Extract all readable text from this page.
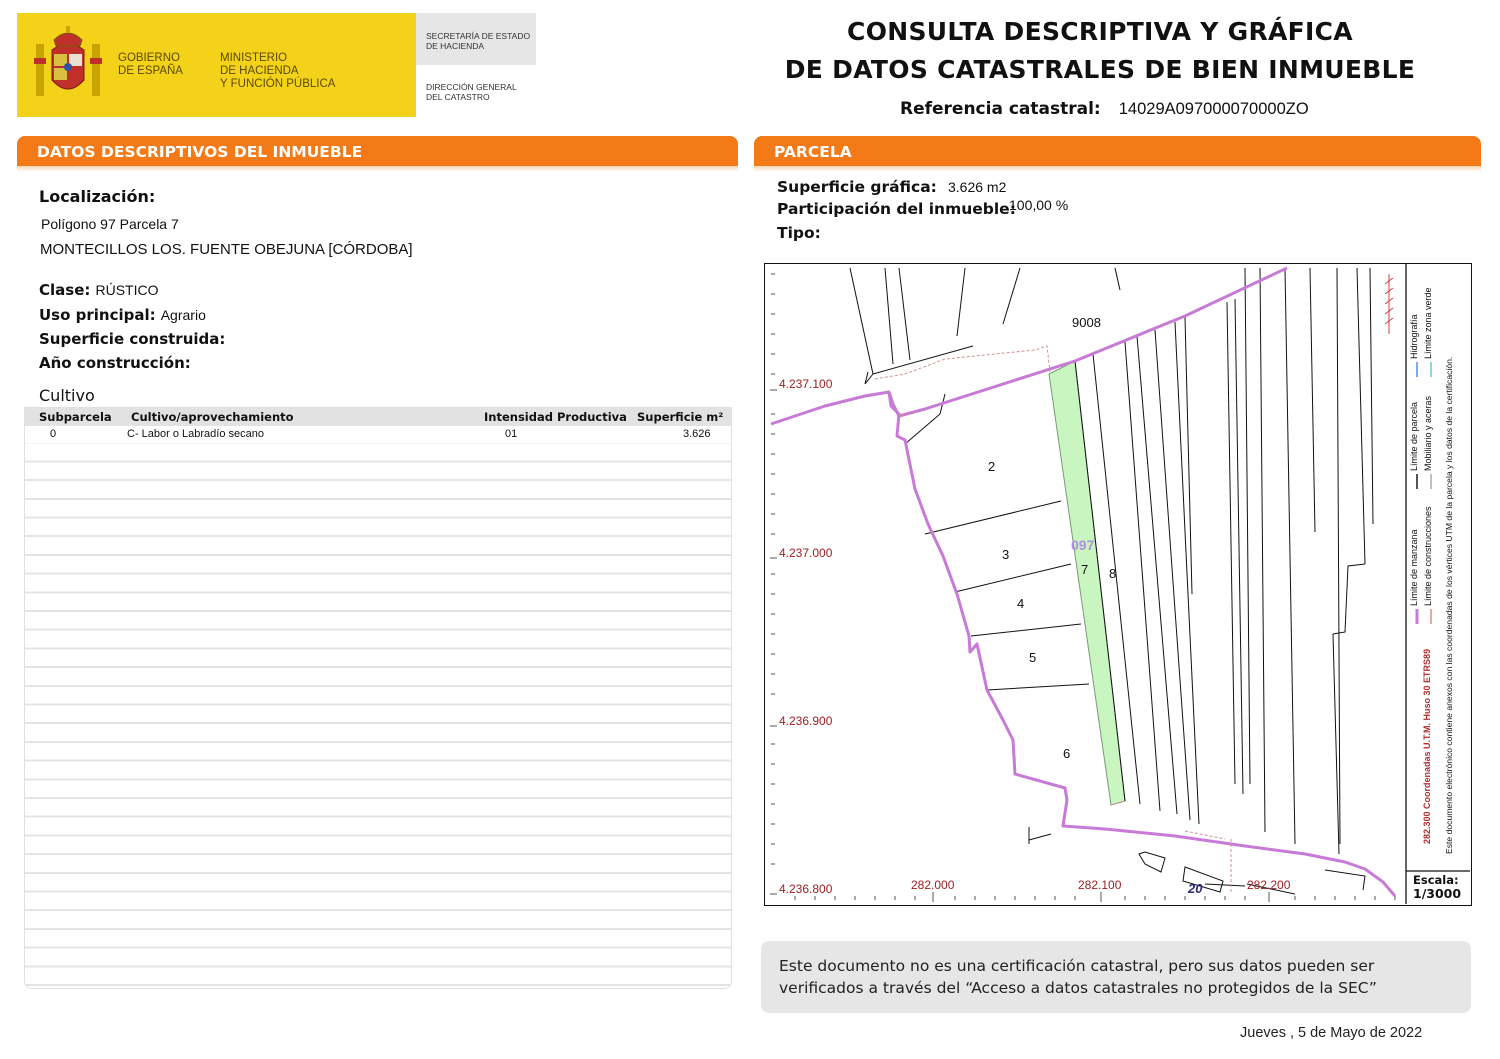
GOBIERNO
DE ESPAÑA
MINISTERIO
DE HACIENDA
Y FUNCIÓN PÚBLICA
SECRETARÍA DE ESTADO
DE HACIENDA
DIRECCIÓN GENERAL
DEL CATASTRO
CONSULTA DESCRIPTIVA Y GRÁFICA
DE DATOS CATASTRALES DE BIEN INMUEBLE
Referencia catastral: 14029A097000070000ZO
DATOS DESCRIPTIVOS DEL INMUEBLE
Localización:
Polígono 97 Parcela 7
MONTECILLOS LOS. FUENTE OBEJUNA [CÓRDOBA]
Clase: RÚSTICO
Uso principal: Agrario
Superficie construida:
Año construcción:
Cultivo
Subparcela Cultivo/aprovechamiento	Intensidad Productiva Superficie m²
0	C- Labor o Labradío secano	01	3.626
PARCELA
Superficie gráfica: 3.626 m2
Participación del inmueble:
100,00 %
Tipo:
9008
2
3
4
5
6
7 8
097
20
4.237.100
4.237.000
4.236.900
4.236.800	282.000	282.100	282.200
Límite de manzana
Límite de parcela
Hidrografía
Límite de construcciones
Mobiliario y aceras
Límite zona verde
282.300 Coordenadas U.T.M. Huso 30 ETRS89 Este documento electrónico contiene anexos con las coordenadas de los vértices UTM de la parcela y los datos de la certificación.
Escala:
1/3000
Este documento no es una certificación catastral, pero sus datos pueden ser verificados a través del “Acceso a datos catastrales no protegidos de la SEC”
Jueves , 5 de Mayo de 2022
